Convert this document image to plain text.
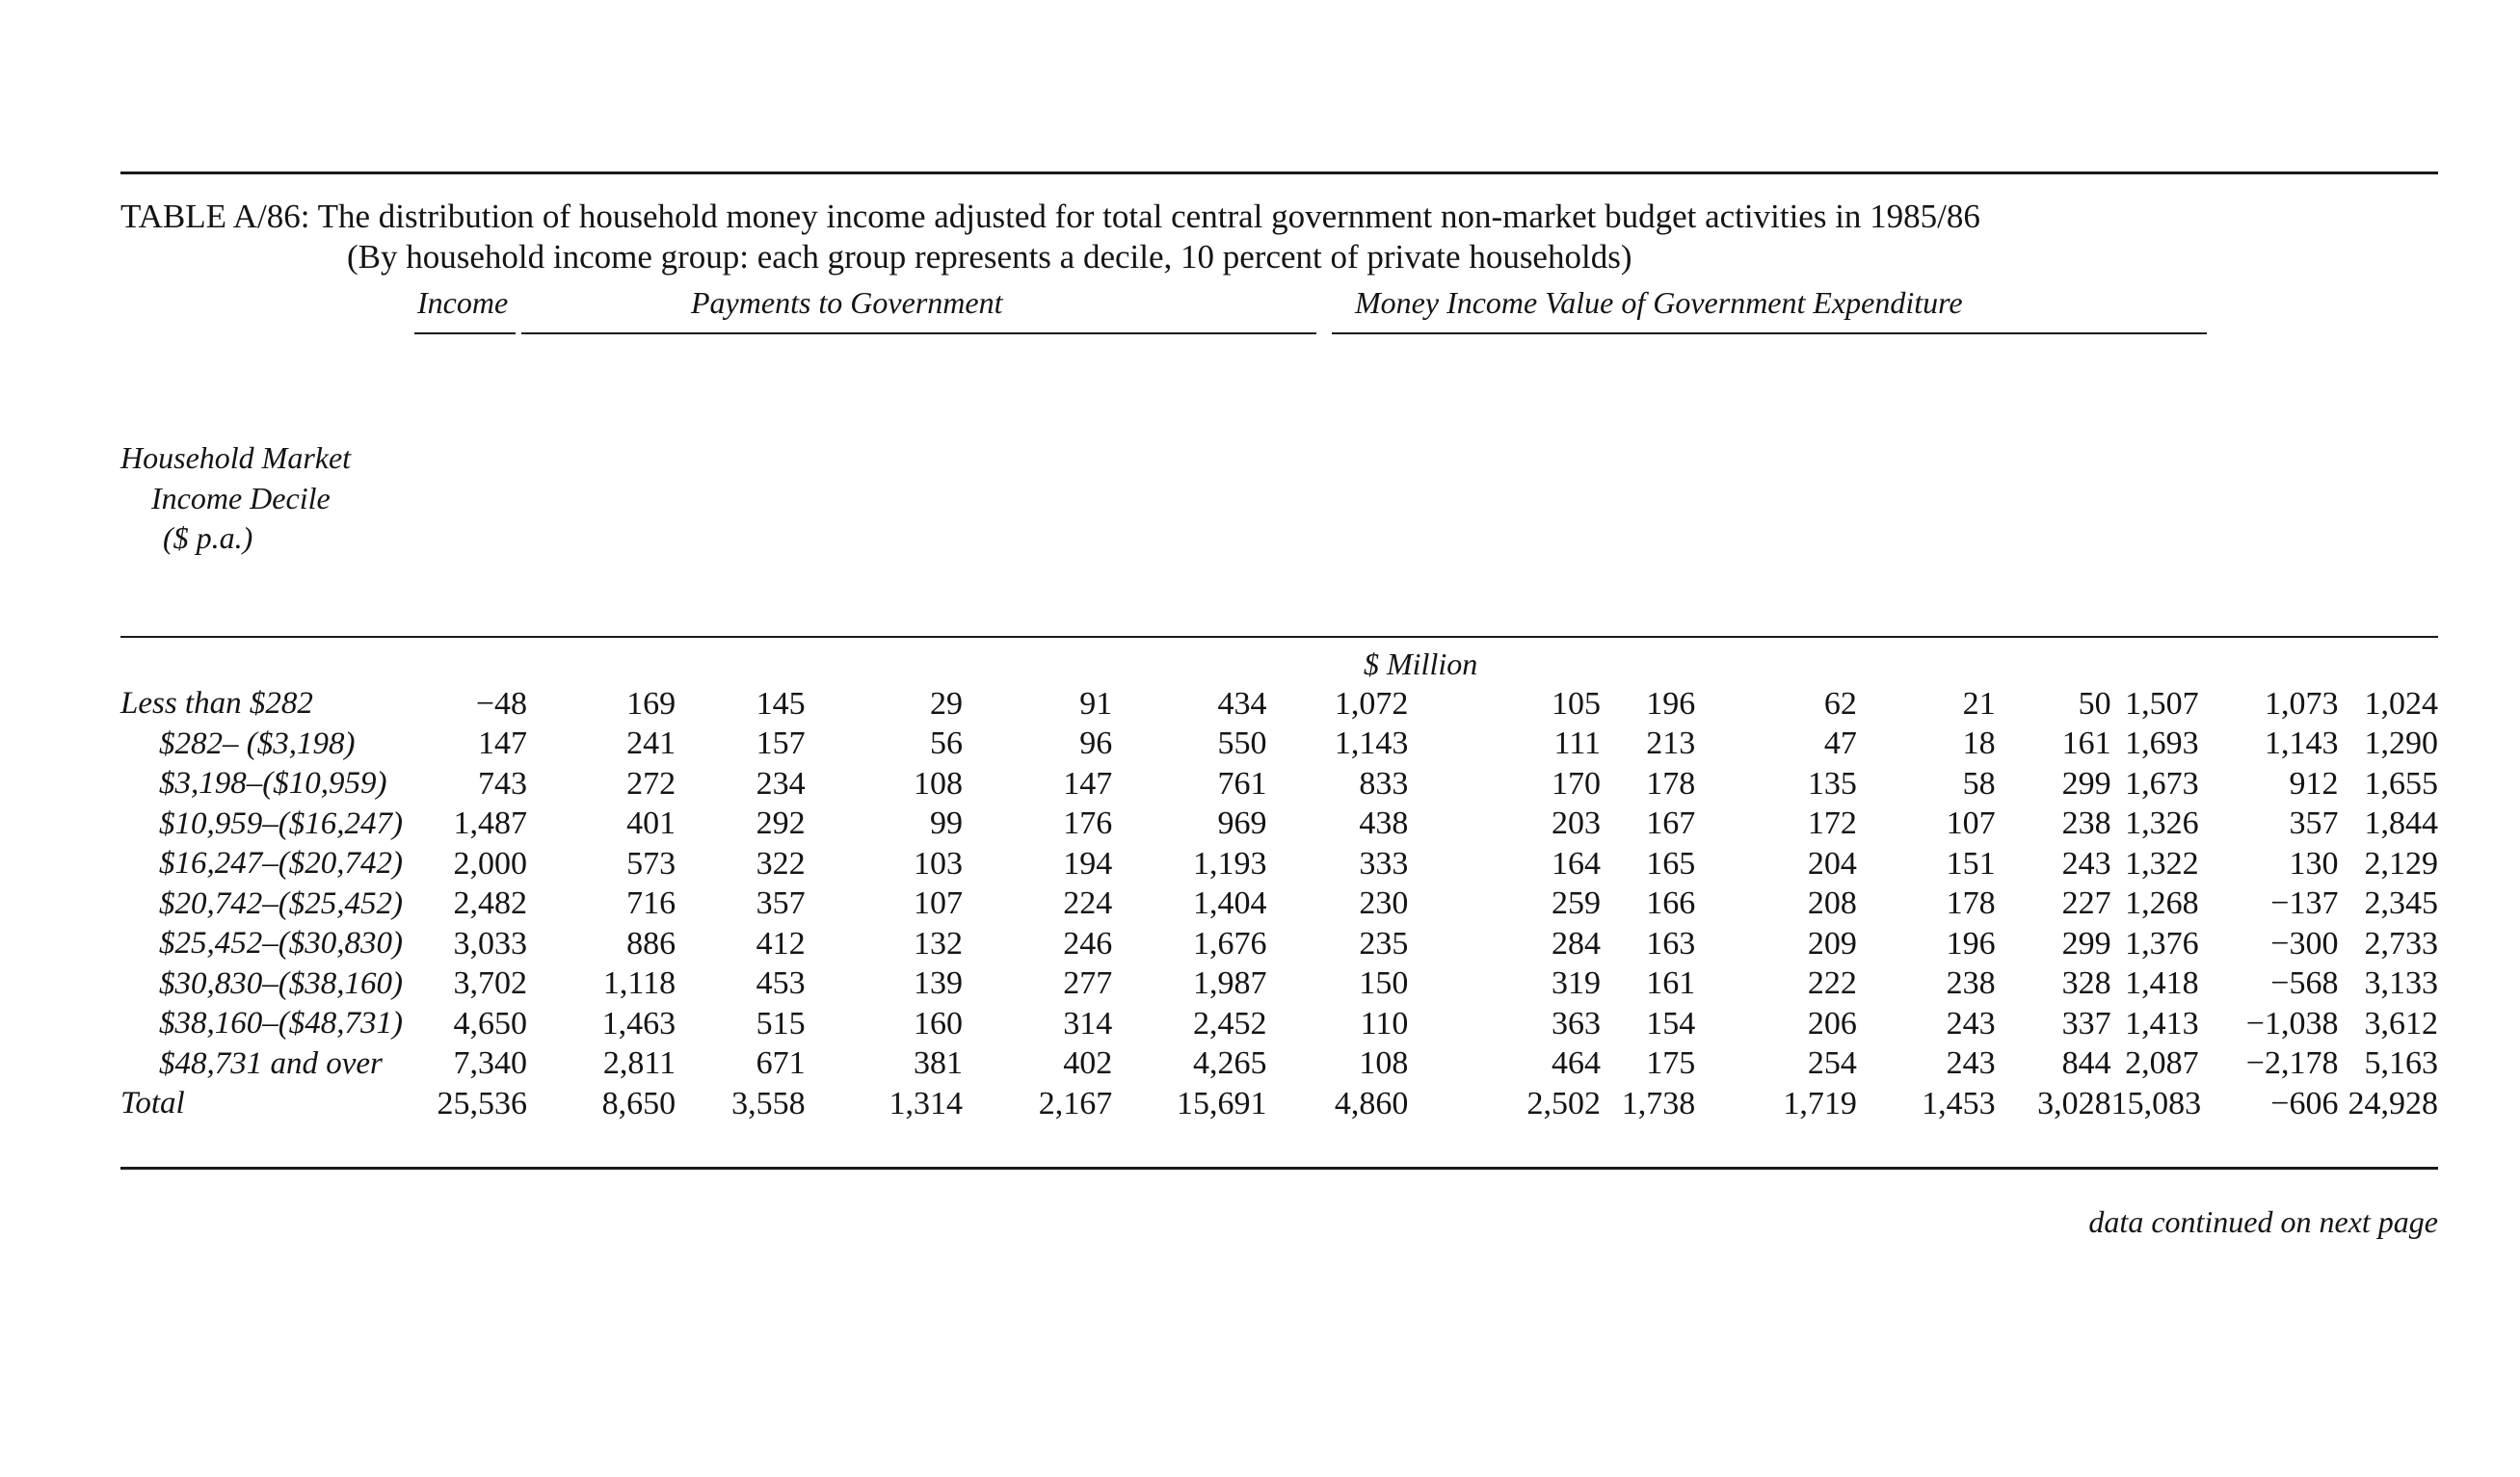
TABLE A/86: The distribution of household money income adjusted for total central government non-market budget activities in 1985/86
(By household income group: each group represents a decile, 10 percent of private households)
Income	Payments to Government	Money Income Value of Government Expenditure
Household Market
Income Decile
($ p.a.)
$ Million
Less than $282	−48	169	145	29	91	434	1,072	105	196	62	21	50	1,507	1,073	1,024
$282– ($3,198)	147	241	157	56	96	550	1,143	111	213	47	18	161	1,693	1,143	1,290
$3,198–($10,959)	743	272	234	108	147	761	833	170	178	135	58	299	1,673	912	1,655
$10,959–($16,247)	1,487	401	292	99	176	969	438	203	167	172	107	238	1,326	357	1,844
$16,247–($20,742)	2,000	573	322	103	194	1,193	333	164	165	204	151	243	1,322	130	2,129
$20,742–($25,452)	2,482	716	357	107	224	1,404	230	259	166	208	178	227	1,268	−137	2,345
$25,452–($30,830)	3,033	886	412	132	246	1,676	235	284	163	209	196	299	1,376	−300	2,733
$30,830–($38,160)	3,702	1,118	453	139	277	1,987	150	319	161	222	238	328	1,418	−568	3,133
$38,160–($48,731)	4,650	1,463	515	160	314	2,452	110	363	154	206	243	337	1,413	−1,038	3,612
$48,731 and over	7,340	2,811	671	381	402	4,265	108	464	175	254	243	844	2,087	−2,178	5,163
Total	25,536	8,650	3,558	1,314	2,167	15,691	4,860	2,502	1,738	1,719	1,453	3,028	15,083	−606	24,928
data continued on next page
